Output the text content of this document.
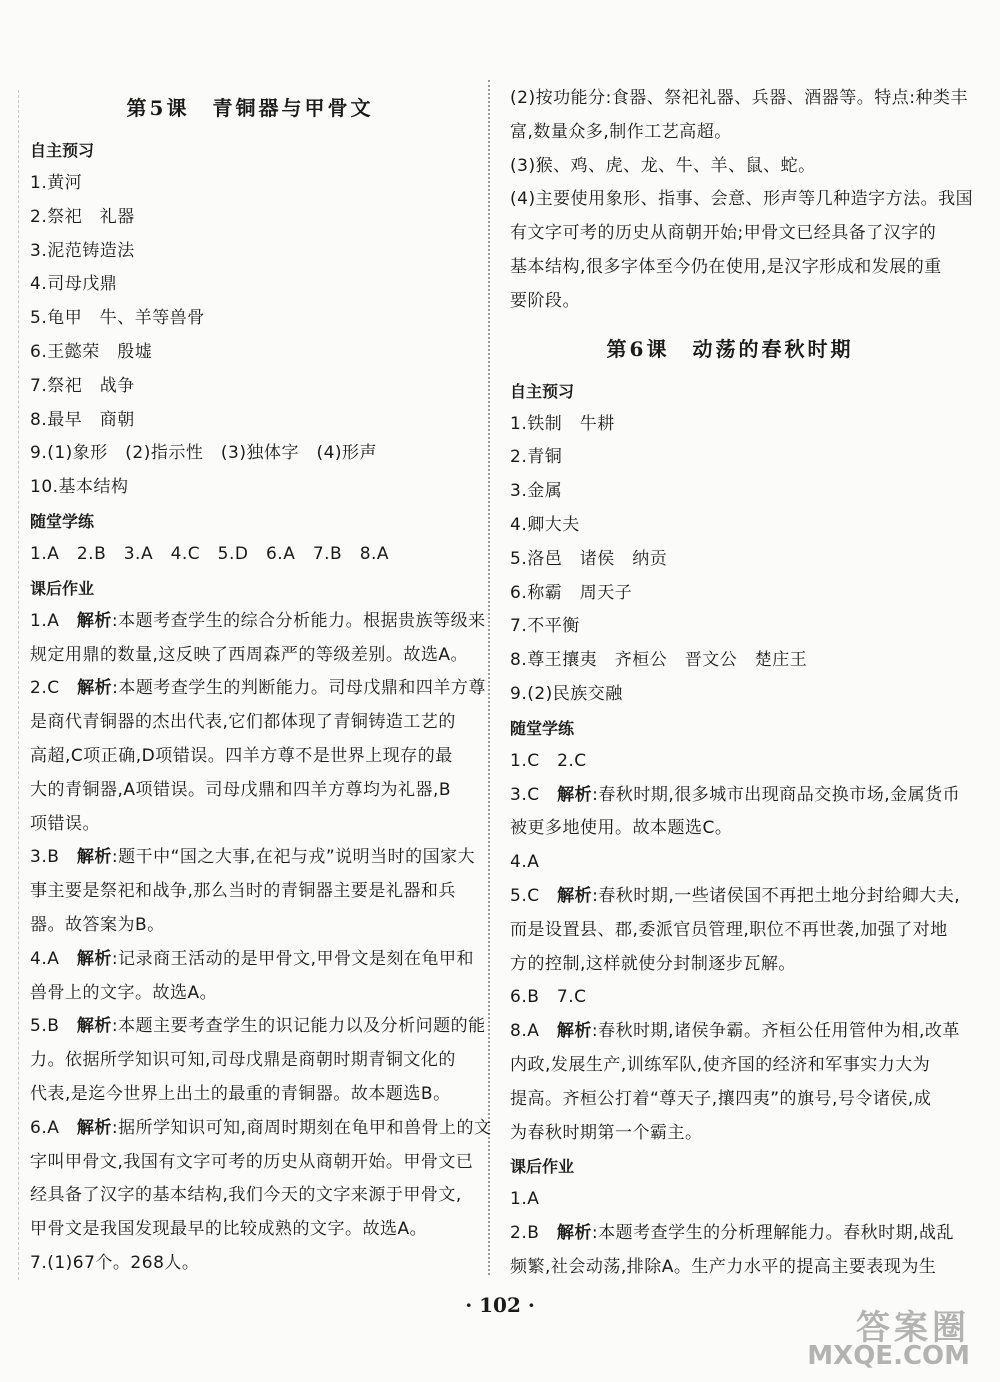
第5课　青铜器与甲骨文
自主预习
1.黄河
2.祭祀　礼器
3.泥范铸造法
4.司母戊鼎
5.龟甲　牛、羊等兽骨
6.王懿荣　殷墟
7.祭祀　战争
8.最早　商朝
9.(1)象形　(2)指示性　(3)独体字　(4)形声
10.基本结构
随堂学练
1.A　2.B　3.A　4.C　5.D　6.A　7.B　8.A
课后作业
1.A　解析:本题考查学生的综合分析能力。根据贵族等级来
规定用鼎的数量,这反映了西周森严的等级差别。故选A。
2.C　解析:本题考查学生的判断能力。司母戊鼎和四羊方尊
是商代青铜器的杰出代表,它们都体现了青铜铸造工艺的
高超,C项正确,D项错误。四羊方尊不是世界上现存的最
大的青铜器,A项错误。司母戊鼎和四羊方尊均为礼器,B
项错误。
3.B　解析:题干中“国之大事,在祀与戎”说明当时的国家大
事主要是祭祀和战争,那么当时的青铜器主要是礼器和兵
器。故答案为B。
4.A　解析:记录商王活动的是甲骨文,甲骨文是刻在龟甲和
兽骨上的文字。故选A。
5.B　解析:本题主要考查学生的识记能力以及分析问题的能
力。依据所学知识可知,司母戊鼎是商朝时期青铜文化的
代表,是迄今世界上出土的最重的青铜器。故本题选B。
6.A　解析:据所学知识可知,商周时期刻在龟甲和兽骨上的文
字叫甲骨文,我国有文字可考的历史从商朝开始。甲骨文已
经具备了汉字的基本结构,我们今天的文字来源于甲骨文,
甲骨文是我国发现最早的比较成熟的文字。故选A。
7.(1)67个。268人。
(2)按功能分:食器、祭祀礼器、兵器、酒器等。特点:种类丰
富,数量众多,制作工艺高超。
(3)猴、鸡、虎、龙、牛、羊、鼠、蛇。
(4)主要使用象形、指事、会意、形声等几种造字方法。我国
有文字可考的历史从商朝开始;甲骨文已经具备了汉字的
基本结构,很多字体至今仍在使用,是汉字形成和发展的重
要阶段。
第6课　动荡的春秋时期
自主预习
1.铁制　牛耕
2.青铜
3.金属
4.卿大夫
5.洛邑　诸侯　纳贡
6.称霸　周天子
7.不平衡
8.尊王攘夷　齐桓公　晋文公　楚庄王
9.(2)民族交融
随堂学练
1.C　2.C
3.C　解析:春秋时期,很多城市出现商品交换市场,金属货币
被更多地使用。故本题选C。
4.A
5.C　解析:春秋时期,一些诸侯国不再把土地分封给卿大夫,
而是设置县、郡,委派官员管理,职位不再世袭,加强了对地
方的控制,这样就使分封制逐步瓦解。
6.B　7.C
8.A　解析:春秋时期,诸侯争霸。齐桓公任用管仲为相,改革
内政,发展生产,训练军队,使齐国的经济和军事实力大为
提高。齐桓公打着“尊天子,攘四夷”的旗号,号令诸侯,成
为春秋时期第一个霸主。
课后作业
1.A
2.B　解析:本题考查学生的分析理解能力。春秋时期,战乱
频繁,社会动荡,排除A。生产力水平的提高主要表现为生
· 102 ·
答案圈
MXQE.COM
